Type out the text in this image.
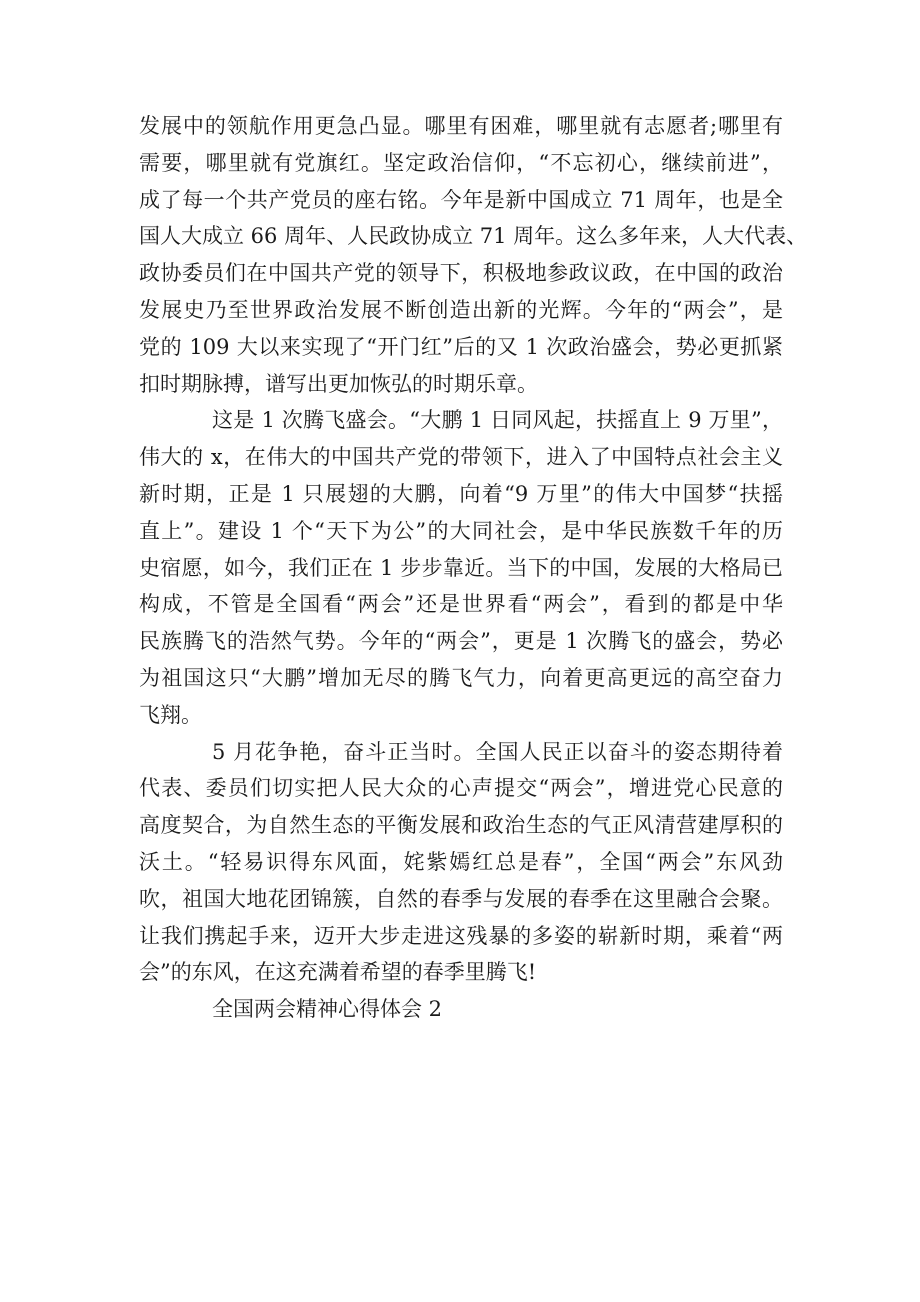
发展中的领航作用更急凸显。哪里有困难，哪里就有志愿者;哪里有
需要，哪里就有党旗红。坚定政治信仰，“不忘初心，继续前进”，
成了每一个共产党员的座右铭。今年是新中国成立 71 周年，也是全
国人大成立 66 周年、人民政协成立 71 周年。这么多年来，人大代表、
政协委员们在中国共产党的领导下，积极地参政议政，在中国的政治
发展史乃至世界政治发展不断创造出新的光辉。今年的“两会”，是
党的 109 大以来实现了“开门红”后的又 1 次政治盛会，势必更抓紧
扣时期脉搏，谱写出更加恢弘的时期乐章。
这是 1 次腾飞盛会。“大鹏 1 日同风起，扶摇直上 9 万里”，
伟大的 x，在伟大的中国共产党的带领下，进入了中国特点社会主义
新时期，正是 1 只展翅的大鹏，向着“9 万里”的伟大中国梦“扶摇
直上”。建设 1 个“天下为公”的大同社会，是中华民族数千年的历
史宿愿，如今，我们正在 1 步步靠近。当下的中国，发展的大格局已
构成，不管是全国看“两会”还是世界看“两会”，看到的都是中华
民族腾飞的浩然气势。今年的“两会”，更是 1 次腾飞的盛会，势必
为祖国这只“大鹏”增加无尽的腾飞气力，向着更高更远的高空奋力
飞翔。
5 月花争艳，奋斗正当时。全国人民正以奋斗的姿态期待着
代表、委员们切实把人民大众的心声提交“两会”，增进党心民意的
高度契合，为自然生态的平衡发展和政治生态的气正风清营建厚积的
沃土。“轻易识得东风面，姹紫嫣红总是春”，全国“两会”东风劲
吹，祖国大地花团锦簇，自然的春季与发展的春季在这里融合会聚。
让我们携起手来，迈开大步走进这残暴的多姿的崭新时期，乘着“两
会”的东风，在这充满着希望的春季里腾飞!
全国两会精神心得体会 2
